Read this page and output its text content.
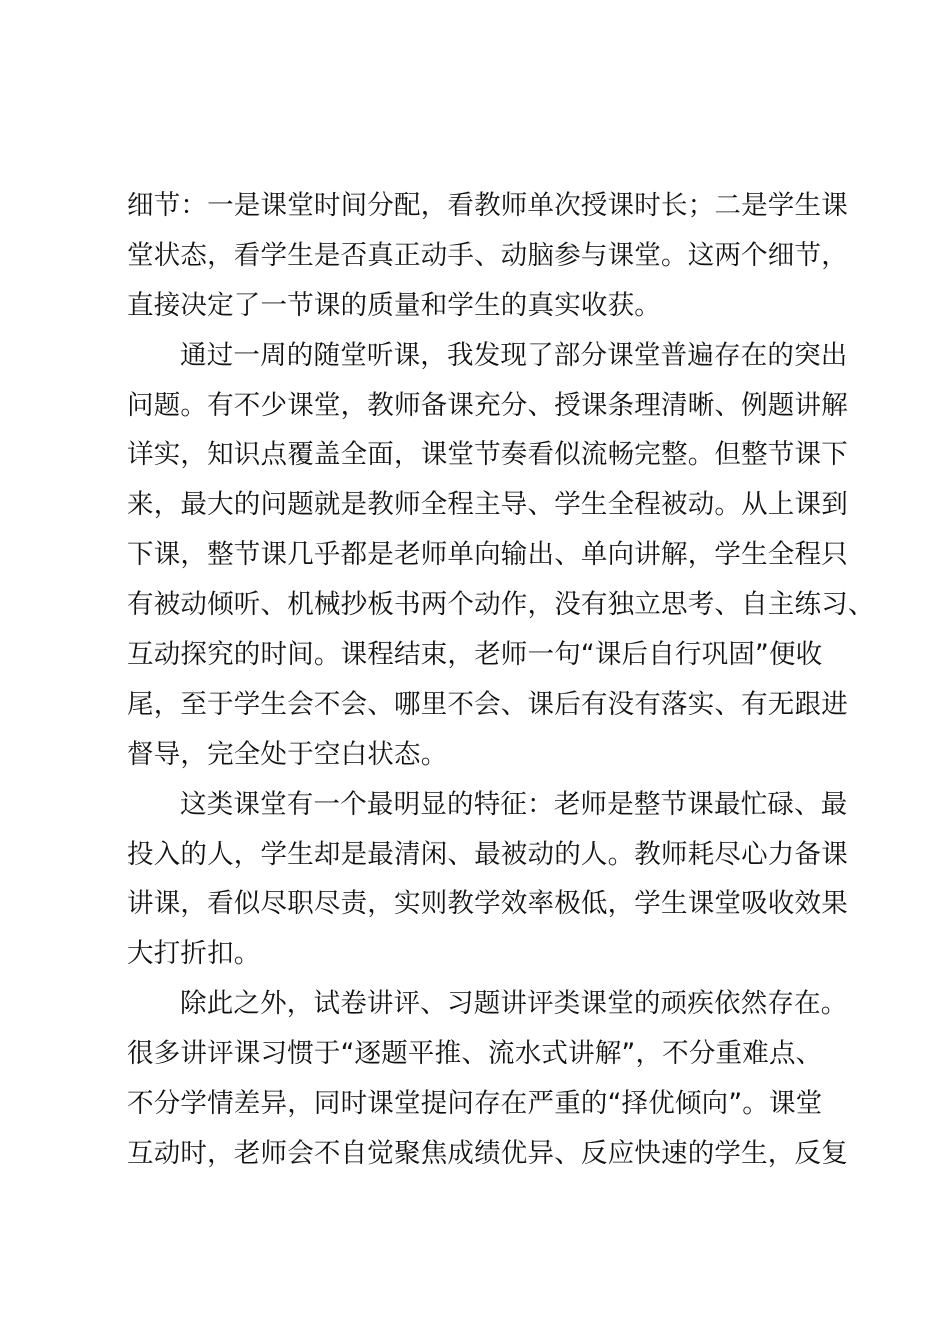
细节：一是课堂时间分配，看教师单次授课时长；二是学生课
堂状态，看学生是否真正动手、动脑参与课堂。这两个细节，
直接决定了一节课的质量和学生的真实收获。
通过一周的随堂听课，我发现了部分课堂普遍存在的突出
问题。有不少课堂，教师备课充分、授课条理清晰、例题讲解
详实，知识点覆盖全面，课堂节奏看似流畅完整。但整节课下
来，最大的问题就是教师全程主导、学生全程被动。从上课到
下课，整节课几乎都是老师单向输出、单向讲解，学生全程只
有被动倾听、机械抄板书两个动作，没有独立思考、自主练习、
互动探究的时间。课程结束，老师一句“课后自行巩固”便收
尾，至于学生会不会、哪里不会、课后有没有落实、有无跟进
督导，完全处于空白状态。
这类课堂有一个最明显的特征：老师是整节课最忙碌、最
投入的人，学生却是最清闲、最被动的人。教师耗尽心力备课
讲课，看似尽职尽责，实则教学效率极低，学生课堂吸收效果
大打折扣。
除此之外，试卷讲评、习题讲评类课堂的顽疾依然存在。
很多讲评课习惯于“逐题平推、流水式讲解”，不分重难点、
不分学情差异，同时课堂提问存在严重的“择优倾向”。课堂
互动时，老师会不自觉聚焦成绩优异、反应快速的学生，反复
